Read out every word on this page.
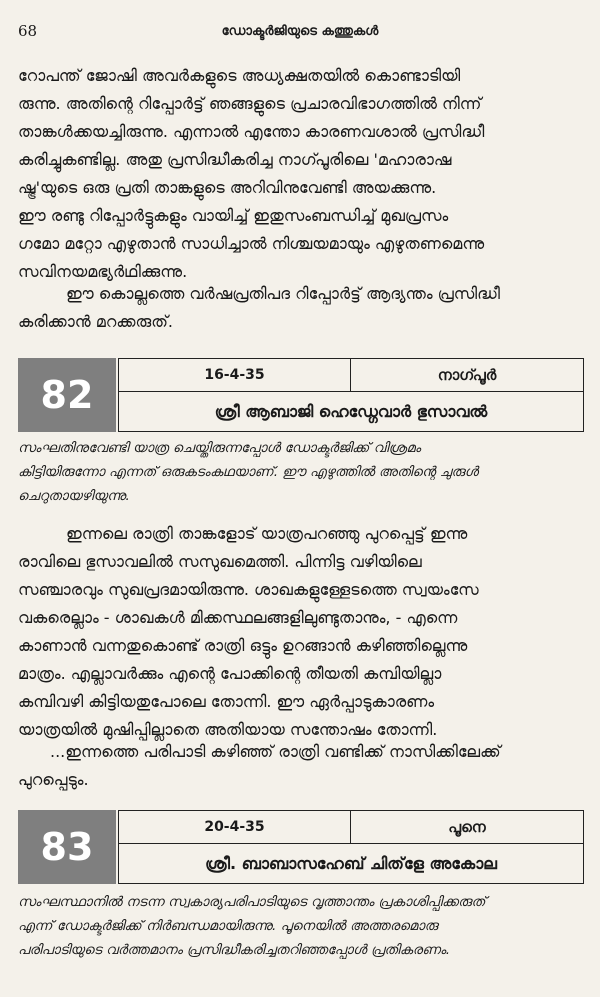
68	ഡോക്ടർജിയുടെ കത്തുകൾ

റോപന്ത് ജോഷി അവർകളുടെ അധ്യക്ഷതയിൽ കൊണ്ടാടിയി
രുന്നു. അതിന്റെ റിപ്പോർട്ട് ഞങ്ങളുടെ പ്രചാരവിഭാഗത്തിൽ നിന്ന്
താങ്കൾക്കയച്ചിരുന്നു. എന്നാൽ എന്തോ കാരണവശാൽ പ്രസിദ്ധീ
കരിച്ചുകണ്ടില്ല. അതു പ്രസിദ്ധീകരിച്ച നാഗ്പൂരിലെ 'മഹാരാഷ
ഷ്ട്ര'യുടെ ഒരു പ്രതി താങ്കളുടെ അറിവിനുവേണ്ടി അയക്കുന്നു.
ഈ രണ്ടു റിപ്പോർട്ടുകളും വായിച്ച് ഇതുസംബന്ധിച്ച് മുഖപ്രസം
ഗമോ മറ്റോ എഴുതാൻ സാധിച്ചാൽ നിശ്ചയമായും എഴുതണമെന്നു
സവിനയമഭ്യർഥിക്കുന്നു.

ഈ കൊല്ലത്തെ വർഷപ്രതിപദ റിപ്പോർട്ട് ആദ്യന്തം പ്രസിദ്ധീ
കരിക്കാൻ മറക്കരുത്.

82	16-4-35	നാഗ്പൂർ
ശ്രീ ആബാജി ഹെഡ്ഗേവാർ ഭുസാവൽ

സംഘതിനുവേണ്ടി യാത്ര ചെയ്തിരുന്നപ്പോൾ ഡോക്ടർജിക്ക് വിശ്രമം
കിട്ടിയിരുന്നോ എന്നത് ഒരുകടംകഥയാണ്. ഈ എഴുത്തിൽ അതിന്റെ ചുരുൾ
ചെറുതായഴിയുന്നു.

ഇന്നലെ രാത്രി താങ്കളോട് യാത്രപറഞ്ഞു പുറപ്പെട്ട് ഇന്നു
രാവിലെ ഭുസാവലിൽ സസുഖമെത്തി. പിന്നിട്ട വഴിയിലെ
സഞ്ചാരവും സുഖപ്രദമായിരുന്നു. ശാഖകളുള്ളേടത്തെ സ്വയംസേ
വകരെല്ലാം - ശാഖകൾ മിക്കസ്ഥലങ്ങളിലുണ്ടുതാനും, - എന്നെ
കാണാൻ വന്നതുകൊണ്ട് രാത്രി ഒട്ടും ഉറങ്ങാൻ കഴിഞ്ഞില്ലെന്നു
മാത്രം. എല്ലാവർക്കും എന്റെ പോക്കിന്റെ തീയതി കമ്പിയില്ലാ
കമ്പിവഴി കിട്ടിയതുപോലെ തോന്നി. ഈ ഏർപ്പാടുകാരണം
യാത്രയിൽ മുഷിപ്പില്ലാതെ അതിയായ സന്തോഷം തോന്നി.

...ഇന്നത്തെ പരിപാടി കഴിഞ്ഞ് രാത്രി വണ്ടിക്ക് നാസിക്കിലേക്ക്
പുറപ്പെടും.

83	20-4-35	പൂനെ
ശ്രീ. ബാബാസഹേബ് ചിത്‌ളേ അകോല

സംഘസ്ഥാനിൽ നടന്ന സ്വകാര്യപരിപാടിയുടെ വൃത്താന്തം പ്രകാശിപ്പിക്കരുത്
എന്ന് ഡോക്ടർജിക്ക് നിർബന്ധമായിരുന്നു. പൂനെയിൽ അത്തരമൊരു
പരിപാടിയുടെ വർത്തമാനം പ്രസിദ്ധീകരിച്ചതറിഞ്ഞപ്പോൾ പ്രതികരണം.
